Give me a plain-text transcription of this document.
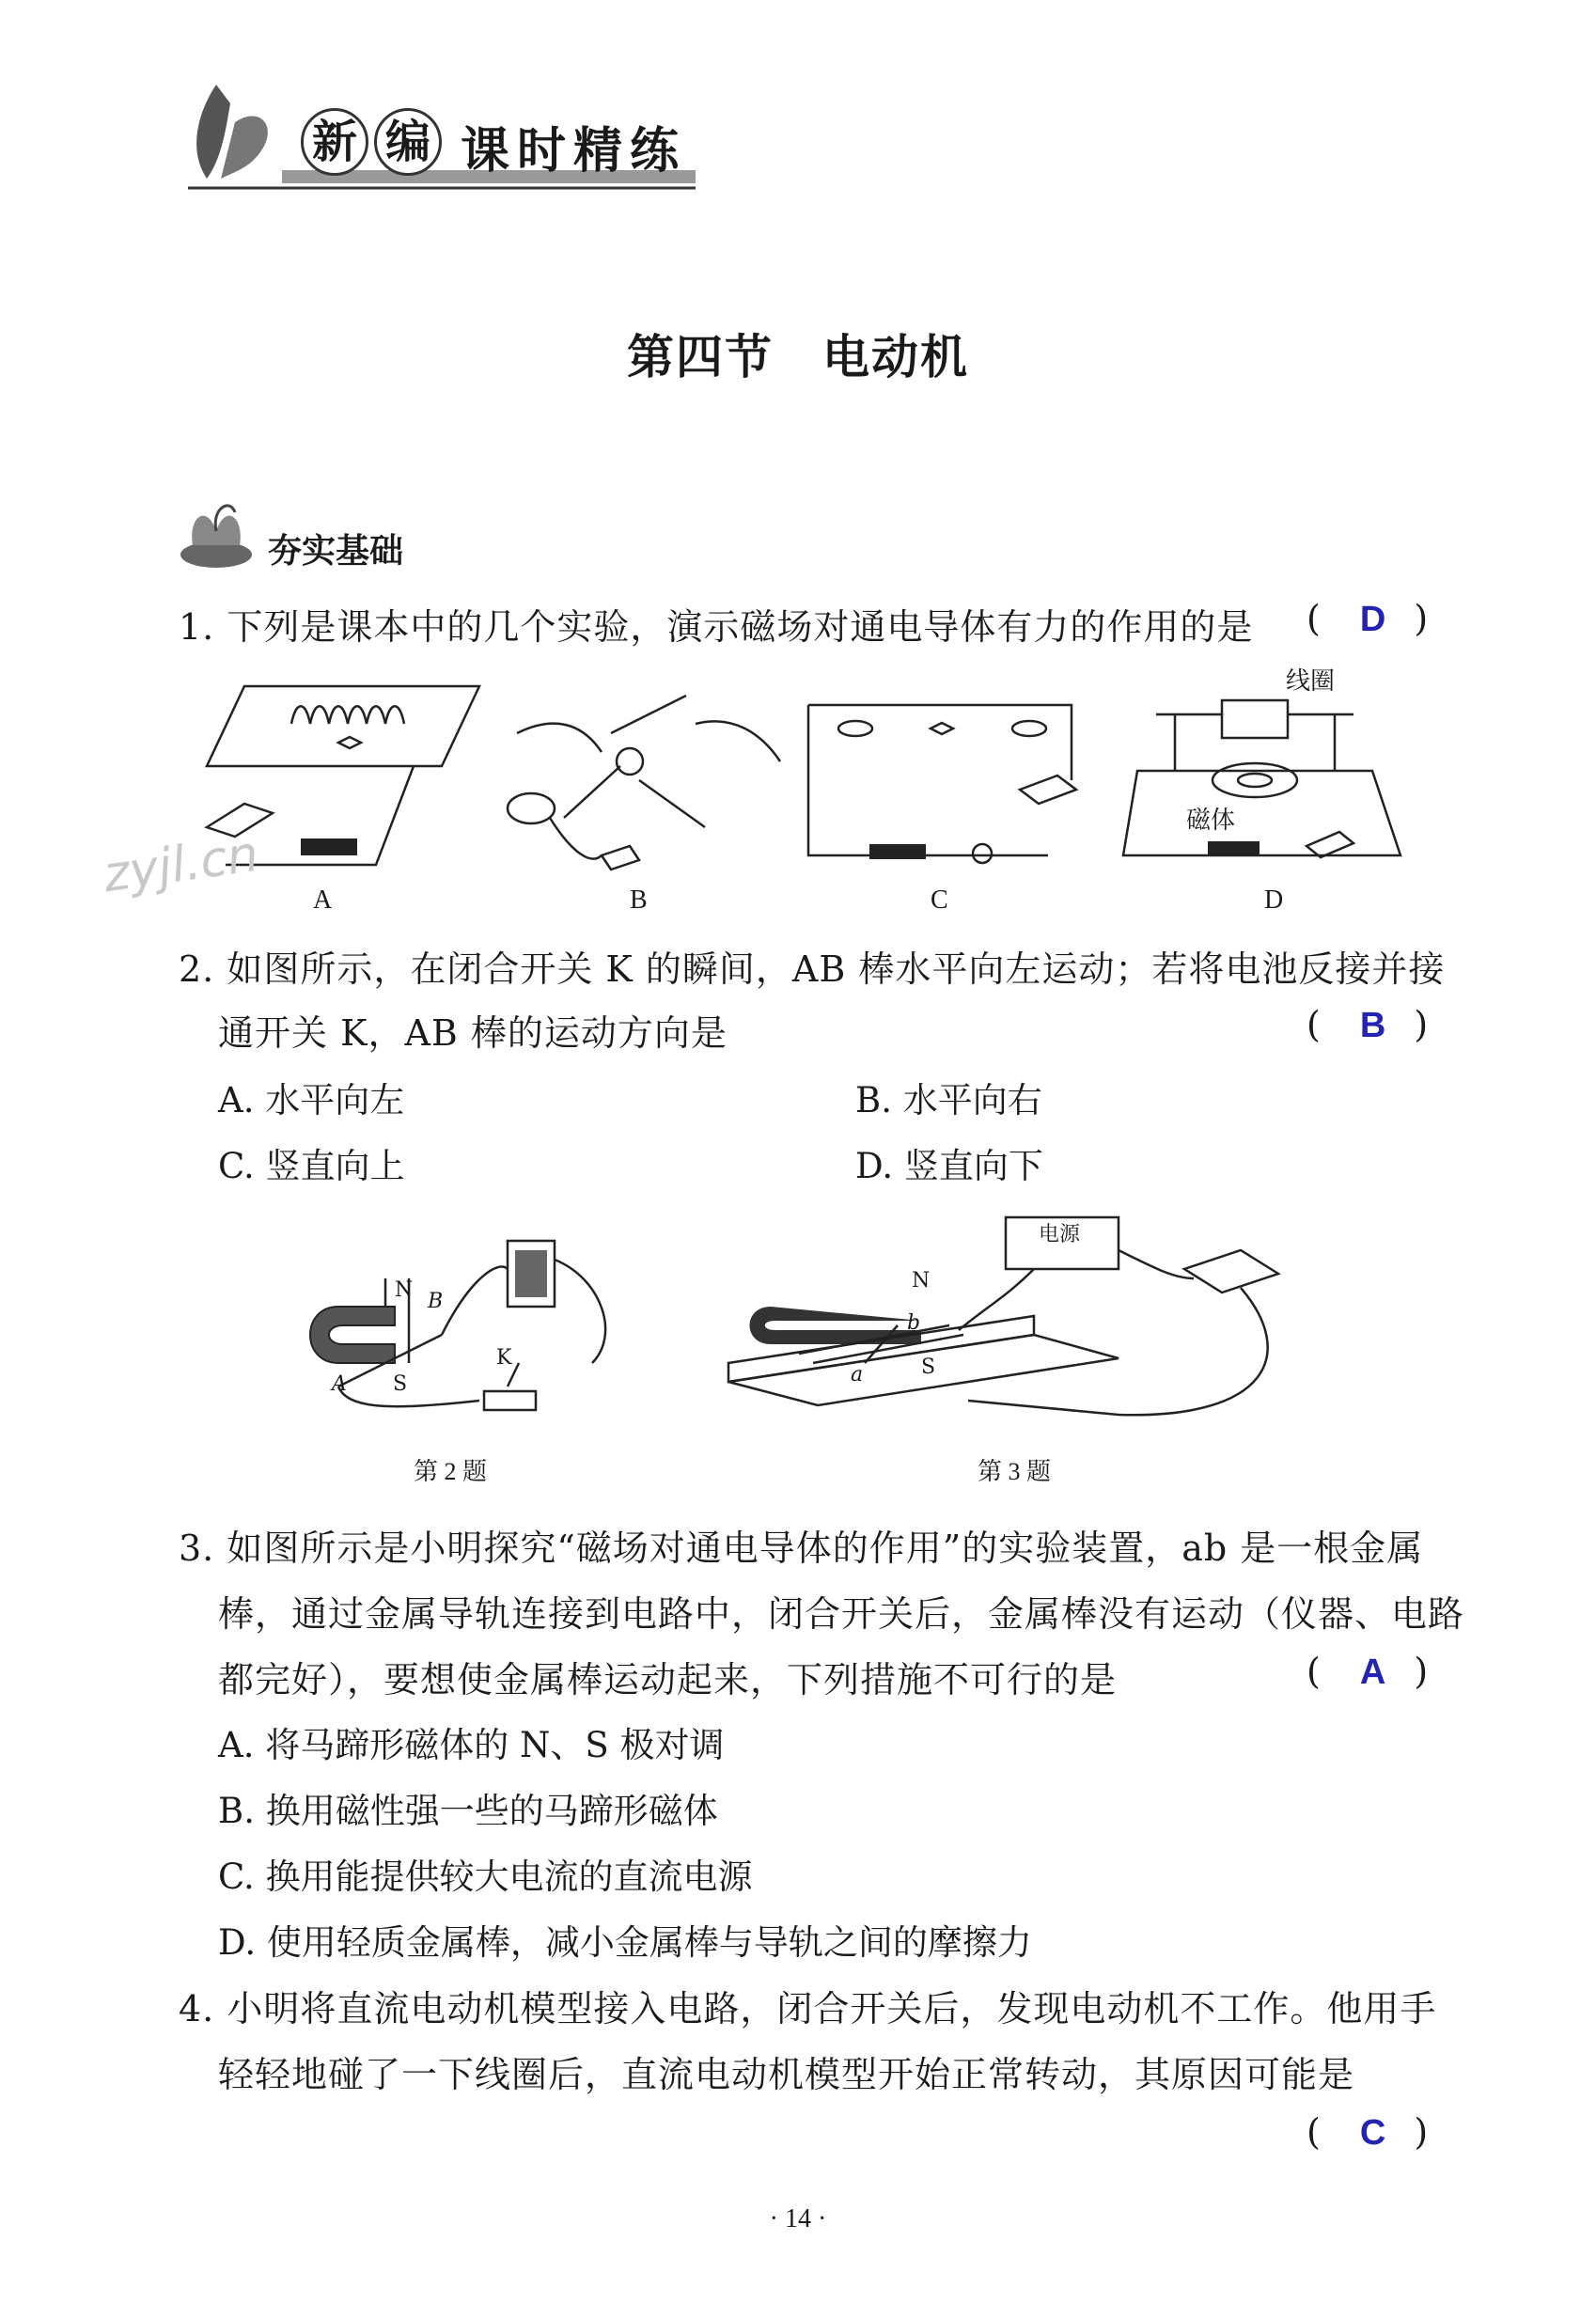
新 编 课时精练
第四节　电动机
夯实基础
1. 下列是课本中的几个实验，演示磁场对通电导体有力的作用的是 ( D )
A	B	C
线圈
磁体
D
zyjl.cn
2. 如图所示，在闭合开关 K 的瞬间，AB 棒水平向左运动；若将电池反接并接
通开关 K，AB 棒的运动方向是	( B )
A. 水平向左	B. 水平向右
C. 竖直向上	D. 竖直向下
N B
A S
K
第 2 题
电源
N
b
a	S
第 3 题
3. 如图所示是小明探究“磁场对通电导体的作用”的实验装置，ab 是一根金属
棒，通过金属导轨连接到电路中，闭合开关后，金属棒没有运动（仪器、电路
都完好），要想使金属棒运动起来，下列措施不可行的是	( A )
A. 将马蹄形磁体的 N、S 极对调
B. 换用磁性强一些的马蹄形磁体
C. 换用能提供较大电流的直流电源
D. 使用轻质金属棒，减小金属棒与导轨之间的摩擦力
4. 小明将直流电动机模型接入电路，闭合开关后，发现电动机不工作。他用手
轻轻地碰了一下线圈后，直流电动机模型开始正常转动，其原因可能是
( C )
· 14 ·
